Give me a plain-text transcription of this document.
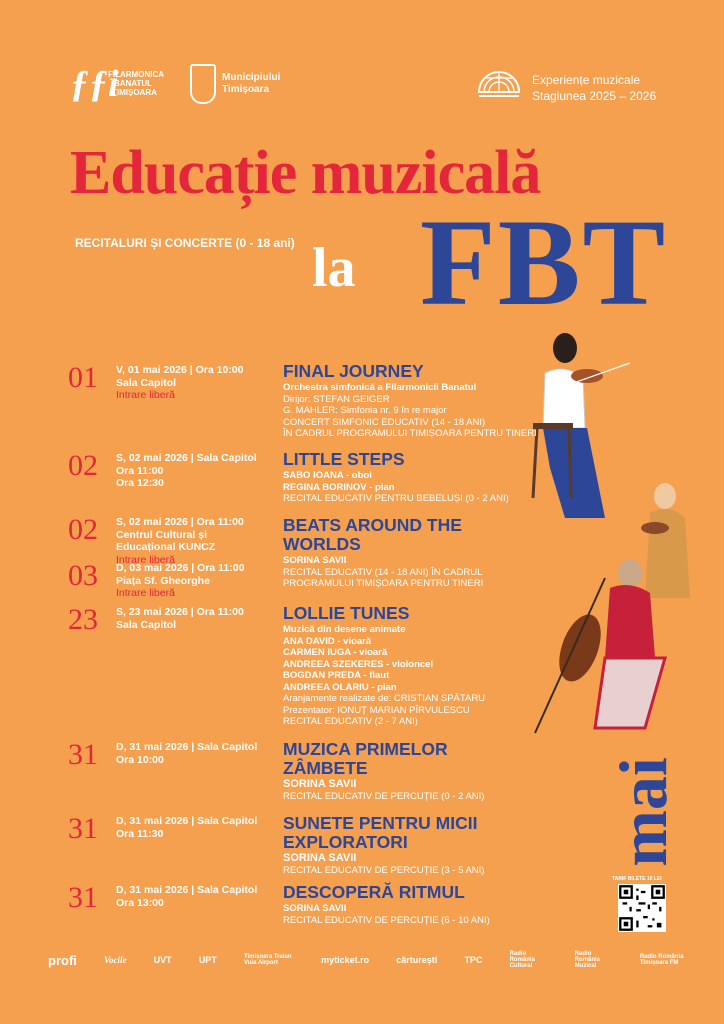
ƒƒi
FILARMONICA
BANATUL
TIMIȘOARA
Municipiului
Timișoara
Experiențe muzicale
Stagiunea 2025 – 2026
Educație muzicală
RECITALURI ȘI CONCERTE (0 - 18 ani) la FBT
01 V, 01 mai 2026 | Ora 10:00
Sala Capitol
Intrare liberă
FINAL JOURNEY
Orchestra simfonică a Filarmonicii Banatul
Dirijor: STEFAN GEIGER
G. MAHLER: Simfonia nr. 9 în re major
CONCERT SIMFONIC EDUCATIV (14 - 18 ANI)
ÎN CADRUL PROGRAMULUI TIMIȘOARA PENTRU TINERI
02 S, 02 mai 2026 | Sala Capitol
Ora 11:00
Ora 12:30
LITTLE STEPS
SABO IOANA - oboi
REGINA BORINOV - pian
RECITAL EDUCATIV PENTRU BEBELUȘI (0 - 2 ANI)
02 S, 02 mai 2026 | Ora 11:00
Centrul Cultural și
Educațional KUNCZ
Intrare liberă
03 D, 03 mai 2026 | Ora 11:00
Piața Sf. Gheorghe
Intrare liberă
BEATS AROUND THE WORLDS
SORINA SAVII
RECITAL EDUCATIV (14 - 18 ANI) ÎN CADRUL
PROGRAMULUI TIMIȘOARA PENTRU TINERI
23 S, 23 mai 2026 | Ora 11:00
Sala Capitol
LOLLIE TUNES
Muzică din desene animate
ANA DAVID - vioară
CARMEN IUGA - vioară
ANDREEA SZEKERES - violoncel
BOGDAN PREDA - flaut
ANDREEA OLARIU - pian
Aranjamente realizate de: CRISTIAN SPĂTARU
Prezentator: IONUȚ MARIAN PÎRVULESCU
RECITAL EDUCATIV (2 - 7 ANI)
31 D, 31 mai 2026 | Sala Capitol
Ora 10:00
MUZICA PRIMELOR ZÂMBETE
SORINA SAVII
RECITAL EDUCATIV DE PERCUȚIE (0 - 2 ANI)
31 D, 31 mai 2026 | Sala Capitol
Ora 11:30
SUNETE PENTRU MICII EXPLORATORI
SORINA SAVII
RECITAL EDUCATIV DE PERCUȚIE (3 - 5 ANI)
31 D, 31 mai 2026 | Sala Capitol
Ora 13:00
DESCOPERĂ RITMUL
SORINA SAVII
RECITAL EDUCATIV DE PERCUȚIE (6 - 10 ANI)
mai
TARIF BILETE 10 LEI
profi	Vocile	UVT	UPT	Timișoara Traian Vuia Airport	myticket.ro	cărturești	TPC
Radio România Cultural
Radio România Muzical
Radio România Timișoara FM
